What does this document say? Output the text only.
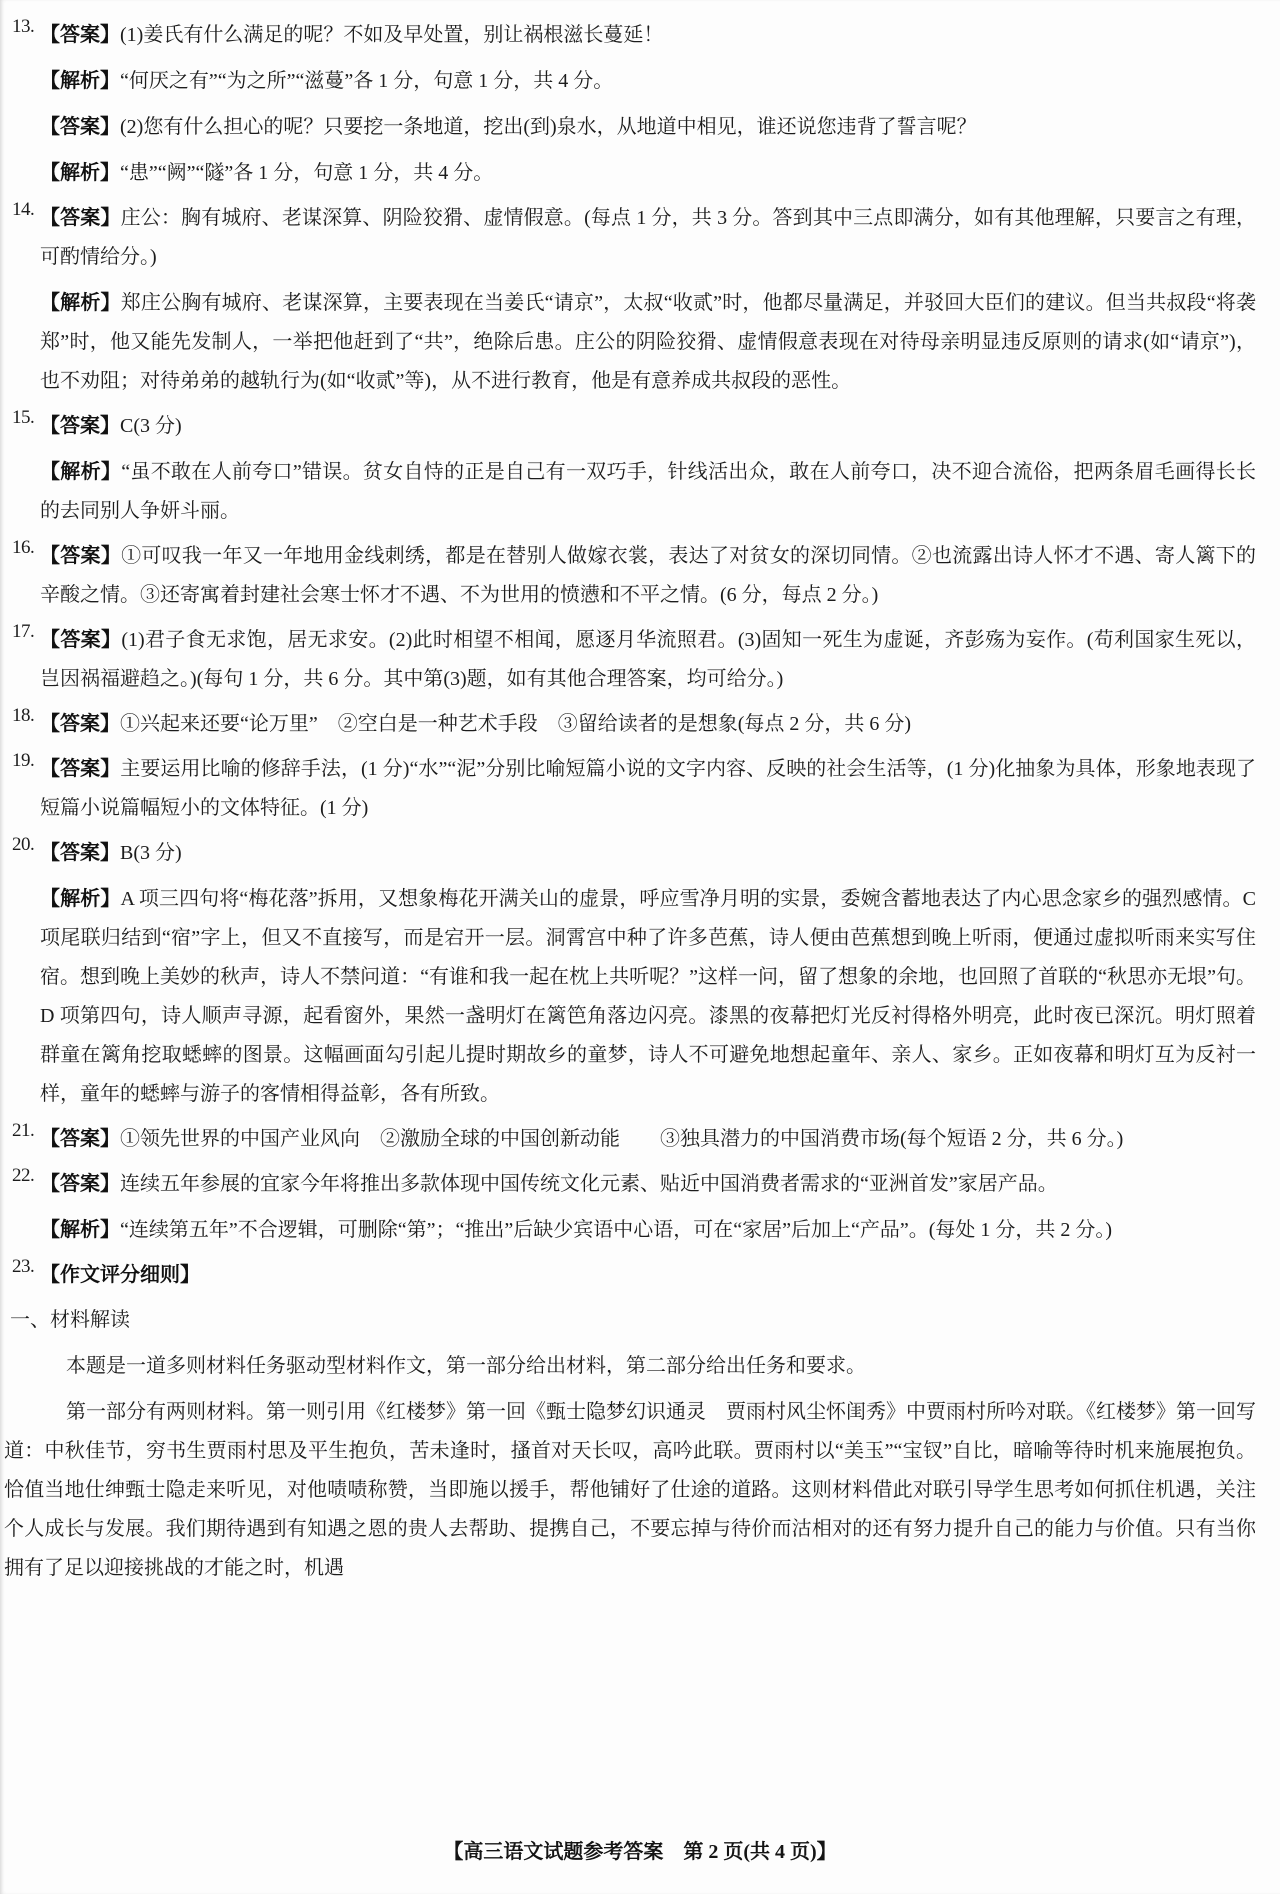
13. 【答案】(1)姜氏有什么满足的呢？不如及早处置，别让祸根滋长蔓延！

【解析】“何厌之有”“为之所”“滋蔓”各 1 分，句意 1 分，共 4 分。

【答案】(2)您有什么担心的呢？只要挖一条地道，挖出(到)泉水，从地道中相见，谁还说您违背了誓言呢？

【解析】“患”“阙”“隧”各 1 分，句意 1 分，共 4 分。

14. 【答案】庄公：胸有城府、老谋深算、阴险狡猾、虚情假意。(每点 1 分，共 3 分。答到其中三点即满分，如有其他理解，只要言之有理，可酌情给分。)

【解析】郑庄公胸有城府、老谋深算，主要表现在当姜氏“请京”，太叔“收贰”时，他都尽量满足，并驳回大臣们的建议。但当共叔段“将袭郑”时，他又能先发制人，一举把他赶到了“共”，绝除后患。庄公的阴险狡猾、虚情假意表现在对待母亲明显违反原则的请求(如“请京”)，也不劝阻；对待弟弟的越轨行为(如“收贰”等)，从不进行教育，他是有意养成共叔段的恶性。

15. 【答案】C(3 分)

【解析】“虽不敢在人前夸口”错误。贫女自恃的正是自己有一双巧手，针线活出众，敢在人前夸口，决不迎合流俗，把两条眉毛画得长长的去同别人争妍斗丽。

16. 【答案】①可叹我一年又一年地用金线刺绣，都是在替别人做嫁衣裳，表达了对贫女的深切同情。②也流露出诗人怀才不遇、寄人篱下的辛酸之情。③还寄寓着封建社会寒士怀才不遇、不为世用的愤懑和不平之情。(6 分，每点 2 分。)

17. 【答案】(1)君子食无求饱，居无求安。(2)此时相望不相闻，愿逐月华流照君。(3)固知一死生为虚诞，齐彭殇为妄作。(苟利国家生死以，岂因祸福避趋之。)(每句 1 分，共 6 分。其中第(3)题，如有其他合理答案，均可给分。)

18. 【答案】①兴起来还要“论万里”　②空白是一种艺术手段　③留给读者的是想象(每点 2 分，共 6 分)

19. 【答案】主要运用比喻的修辞手法，(1 分)“水”“泥”分别比喻短篇小说的文字内容、反映的社会生活等，(1 分)化抽象为具体，形象地表现了短篇小说篇幅短小的文体特征。(1 分)

20. 【答案】B(3 分)

【解析】A 项三四句将“梅花落”拆用，又想象梅花开满关山的虚景，呼应雪净月明的实景，委婉含蓄地表达了内心思念家乡的强烈感情。C 项尾联归结到“宿”字上，但又不直接写，而是宕开一层。洞霄宫中种了许多芭蕉，诗人便由芭蕉想到晚上听雨，便通过虚拟听雨来实写住宿。想到晚上美妙的秋声，诗人不禁问道：“有谁和我一起在枕上共听呢？”这样一问，留了想象的余地，也回照了首联的“秋思亦无垠”句。D 项第四句，诗人顺声寻源，起看窗外，果然一盏明灯在篱笆角落边闪亮。漆黑的夜幕把灯光反衬得格外明亮，此时夜已深沉。明灯照着群童在篱角挖取蟋蟀的图景。这幅画面勾引起儿提时期故乡的童梦，诗人不可避免地想起童年、亲人、家乡。正如夜幕和明灯互为反衬一样，童年的蟋蟀与游子的客情相得益彰，各有所致。

21. 【答案】①领先世界的中国产业风向　②激励全球的中国创新动能　　③独具潜力的中国消费市场(每个短语 2 分，共 6 分。)

22. 【答案】连续五年参展的宜家今年将推出多款体现中国传统文化元素、贴近中国消费者需求的“亚洲首发”家居产品。

【解析】“连续第五年”不合逻辑，可删除“第”；“推出”后缺少宾语中心语，可在“家居”后加上“产品”。(每处 1 分，共 2 分。)

23. 【作文评分细则】

一、材料解读

本题是一道多则材料任务驱动型材料作文，第一部分给出材料，第二部分给出任务和要求。

第一部分有两则材料。第一则引用《红楼梦》第一回《甄士隐梦幻识通灵　贾雨村风尘怀闺秀》中贾雨村所吟对联。《红楼梦》第一回写道：中秋佳节，穷书生贾雨村思及平生抱负，苦未逢时，搔首对天长叹，高吟此联。贾雨村以“美玉”“宝钗”自比，暗喻等待时机来施展抱负。恰值当地仕绅甄士隐走来听见，对他啧啧称赞，当即施以援手，帮他铺好了仕途的道路。这则材料借此对联引导学生思考如何抓住机遇，关注个人成长与发展。我们期待遇到有知遇之恩的贵人去帮助、提携自己，不要忘掉与待价而沽相对的还有努力提升自己的能力与价值。只有当你拥有了足以迎接挑战的才能之时，机遇

【高三语文试题参考答案　第 2 页(共 4 页)】
